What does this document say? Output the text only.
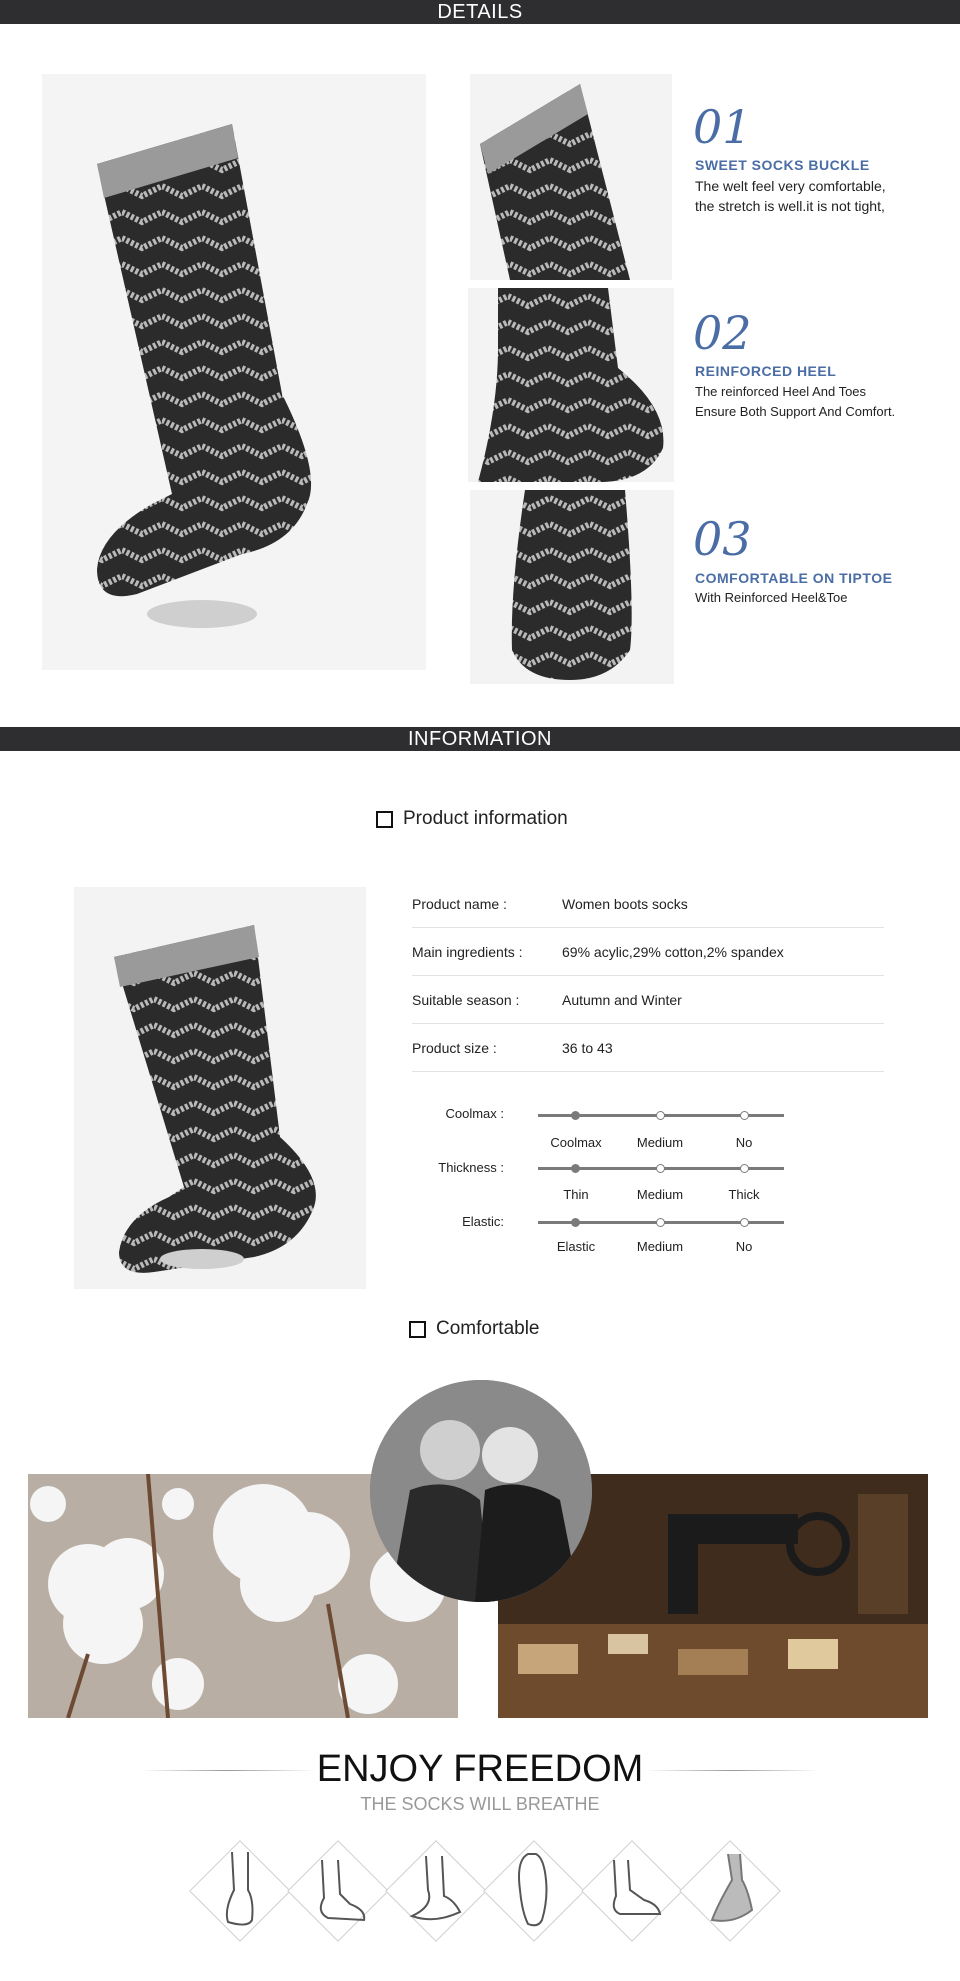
DETAILS
01
SWEET SOCKS BUCKLE
The welt feel very comfortable,
the stretch is well.it is not tight,
02
REINFORCED HEEL
The reinforced Heel And Toes
Ensure Both Support And Comfort.
03
COMFORTABLE ON TIPTOE
With Reinforced Heel&Toe
INFORMATION
Product information
Product name :	Women boots socks
Main ingredients :	69% acylic,29% cotton,2% spandex
Suitable season :	Autumn and Winter
Product size :	36 to 43
Coolmax :
Coolmax	Medium	No
Thickness :
Thin	Medium	Thick
Elastic:
Elastic	Medium	No
Comfortable
ENJOY FREEDOM
THE SOCKS WILL BREATHE
